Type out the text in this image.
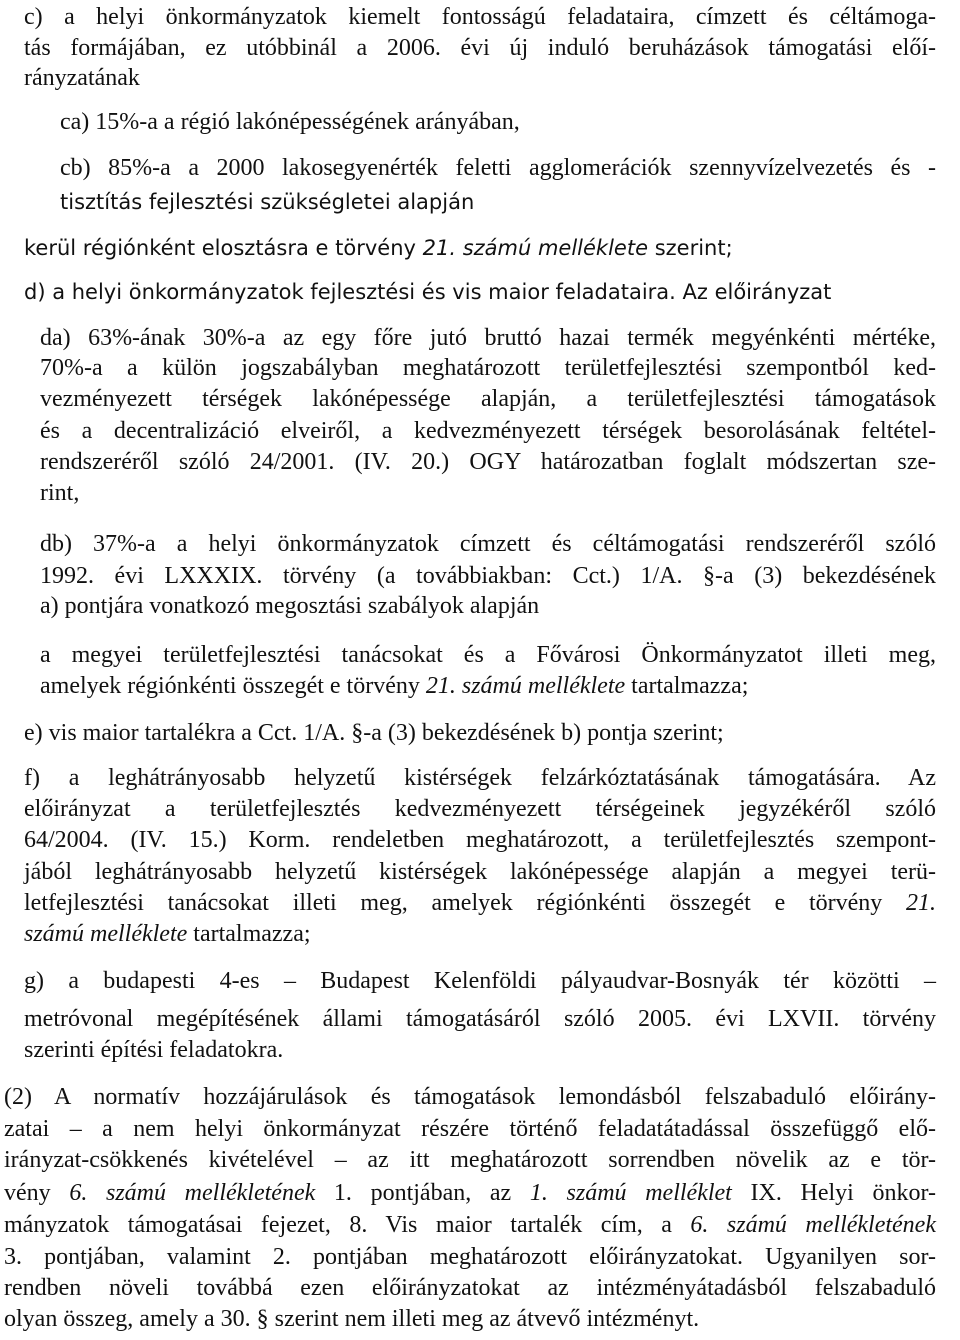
c) a helyi önkormányzatok kiemelt fontosságú feladataira, címzett és céltámoga-
tás formájában, ez utóbbinál a 2006. évi új induló beruházások támogatási előí-
rányzatának
ca) 15%-a a régió lakónépességének arányában,
cb) 85%-a a 2000 lakosegyenérték feletti agglomerációk szennyvízelvezetés és -
tisztítás fejlesztési szükségletei alapján
kerül régiónként elosztásra e törvény 21. számú melléklete szerint;
d) a helyi önkormányzatok fejlesztési és vis maior feladataira. Az előirányzat
da) 63%-ának 30%-a az egy főre jutó bruttó hazai termék megyénkénti mértéke,
70%-a a külön jogszabályban meghatározott területfejlesztési szempontból ked-
vezményezett térségek lakónépessége alapján, a területfejlesztési támogatások
és a decentralizáció elveiről, a kedvezményezett térségek besorolásának feltétel-
rendszeréről szóló 24/2001. (IV. 20.) OGY határozatban foglalt módszertan sze-
rint,
db) 37%-a a helyi önkormányzatok címzett és céltámogatási rendszeréről szóló
1992. évi LXXXIX. törvény (a továbbiakban: Cct.) 1/A. §-a (3) bekezdésének
a) pontjára vonatkozó megosztási szabályok alapján
a megyei területfejlesztési tanácsokat és a Fővárosi Önkormányzatot illeti meg,
amelyek régiónkénti összegét e törvény 21. számú melléklete tartalmazza;
e) vis maior tartalékra a Cct. 1/A. §-a (3) bekezdésének b) pontja szerint;
f) a leghátrányosabb helyzetű kistérségek felzárkóztatásának támogatására. Az
előirányzat a területfejlesztés kedvezményezett térségeinek jegyzékéről szóló
64/2004. (IV. 15.) Korm. rendeletben meghatározott, a területfejlesztés szempont-
jából leghátrányosabb helyzetű kistérségek lakónépessége alapján a megyei terü-
letfejlesztési tanácsokat illeti meg, amelyek régiónkénti összegét e törvény 21.
számú melléklete tartalmazza;
g) a budapesti 4-es – Budapest Kelenföldi pályaudvar-Bosnyák tér közötti –
metróvonal megépítésének állami támogatásáról szóló 2005. évi LXVII. törvény
szerinti építési feladatokra.
(2) A normatív hozzájárulások és támogatások lemondásból felszabaduló előirány-
zatai – a nem helyi önkormányzat részére történő feladatátadással összefüggő elő-
irányzat-csökkenés kivételével – az itt meghatározott sorrendben növelik az e tör-
vény 6. számú mellékletének 1. pontjában, az 1. számú melléklet IX. Helyi önkor-
mányzatok támogatásai fejezet, 8. Vis maior tartalék cím, a 6. számú mellékletének
3. pontjában, valamint 2. pontjában meghatározott előirányzatokat. Ugyanilyen sor-
rendben növeli továbbá ezen előirányzatokat az intézményátadásból felszabaduló
olyan összeg, amely a 30. § szerint nem illeti meg az átvevő intézményt.
